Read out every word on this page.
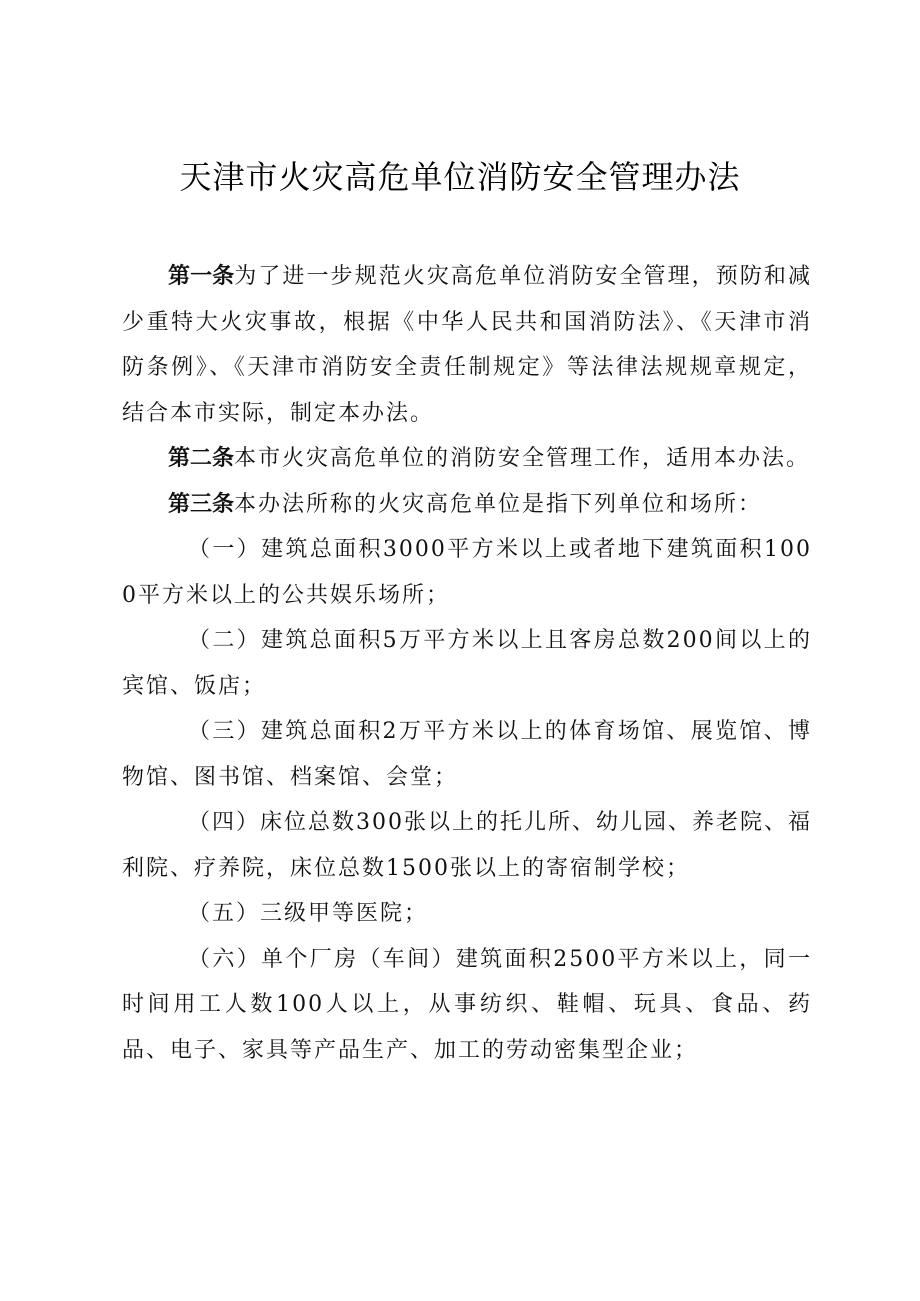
天津市火灾高危单位消防安全管理办法

第一条为了进一步规范火灾高危单位消防安全管理，预防和减少重特大火灾事故，根据《中华人民共和国消防法》、《天津市消防条例》、《天津市消防安全责任制规定》等法律法规规章规定，结合本市实际，制定本办法。

第二条本市火灾高危单位的消防安全管理工作，适用本办法。

第三条本办法所称的火灾高危单位是指下列单位和场所：

（一）建筑总面积3000平方米以上或者地下建筑面积1000平方米以上的公共娱乐场所；

（二）建筑总面积5万平方米以上且客房总数200间以上的宾馆、饭店；

（三）建筑总面积2万平方米以上的体育场馆、展览馆、博物馆、图书馆、档案馆、会堂；

（四）床位总数300张以上的托儿所、幼儿园、养老院、福利院、疗养院，床位总数1500张以上的寄宿制学校；

（五）三级甲等医院；

（六）单个厂房（车间）建筑面积2500平方米以上，同一时间用工人数100人以上，从事纺织、鞋帽、玩具、食品、药品、电子、家具等产品生产、加工的劳动密集型企业；
